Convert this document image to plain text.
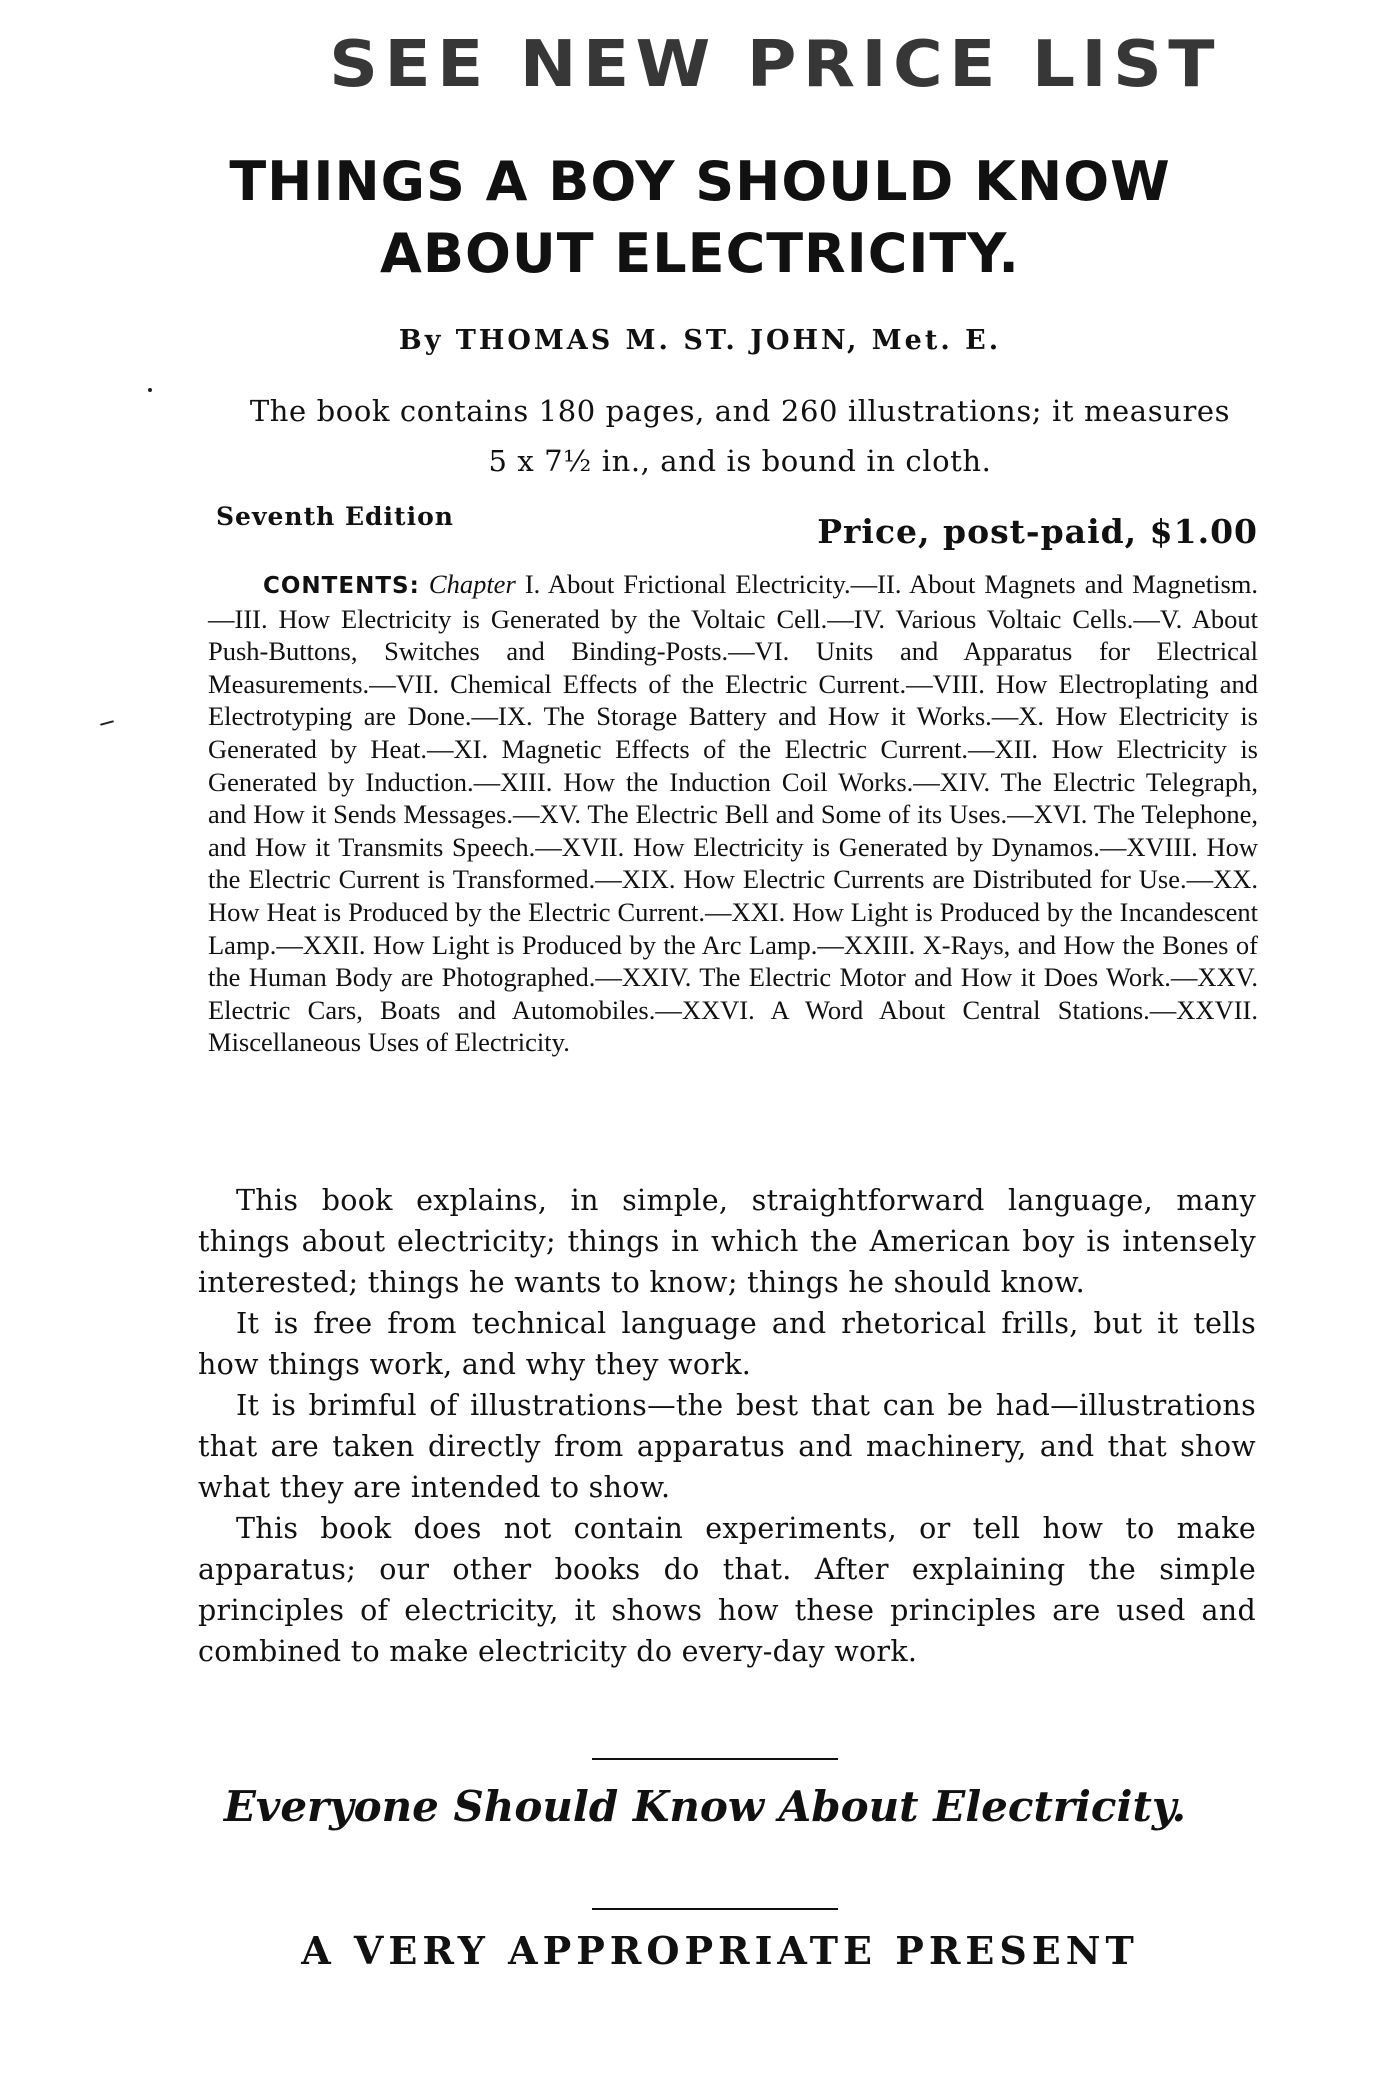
SEE NEW PRICE LIST
THINGS A BOY SHOULD KNOW
ABOUT ELECTRICITY.
By THOMAS M. ST. JOHN, Met. E.
The book contains 180 pages, and 260 illustrations; it measures
5 x 7½ in., and is bound in cloth.
Seventh Edition	Price, post-paid, $1.00
CONTENTS: Chapter I. About Frictional Electricity.—II. About Magnets and Magnetism.—III. How Electricity is Generated by the Voltaic Cell.—IV. Various Voltaic Cells.—V. About Push-Buttons, Switches and Binding-Posts.—VI. Units and Apparatus for Electrical Measurements.—VII. Chemical Effects of the Electric Current.—VIII. How Electroplating and Electrotyping are Done.—IX. The Storage Battery and How it Works.—X. How Electricity is Generated by Heat.—XI. Magnetic Effects of the Electric Current.—XII. How Electricity is Generated by Induction.—XIII. How the Induction Coil Works.—XIV. The Electric Telegraph, and How it Sends Messages.—XV. The Electric Bell and Some of its Uses.—XVI. The Telephone, and How it Transmits Speech.—XVII. How Electricity is Generated by Dynamos.—XVIII. How the Electric Current is Transformed.—XIX. How Electric Currents are Distributed for Use.—XX. How Heat is Produced by the Electric Current.—XXI. How Light is Produced by the Incandescent Lamp.—XXII. How Light is Produced by the Arc Lamp.—XXIII. X-Rays, and How the Bones of the Human Body are Photographed.—XXIV. The Electric Motor and How it Does Work.—XXV. Electric Cars, Boats and Automobiles.—XXVI. A Word About Central Stations.—XXVII. Miscellaneous Uses of Electricity.

This book explains, in simple, straightforward language, many things about electricity; things in which the American boy is intensely interested; things he wants to know; things he should know.

It is free from technical language and rhetorical frills, but it tells how things work, and why they work.

It is brimful of illustrations—the best that can be had—illustrations that are taken directly from apparatus and machinery, and that show what they are intended to show.

This book does not contain experiments, or tell how to make apparatus; our other books do that. After explaining the simple principles of electricity, it shows how these principles are used and combined to make electricity do every-day work.

Everyone Should Know About Electricity.
A VERY APPROPRIATE PRESENT
